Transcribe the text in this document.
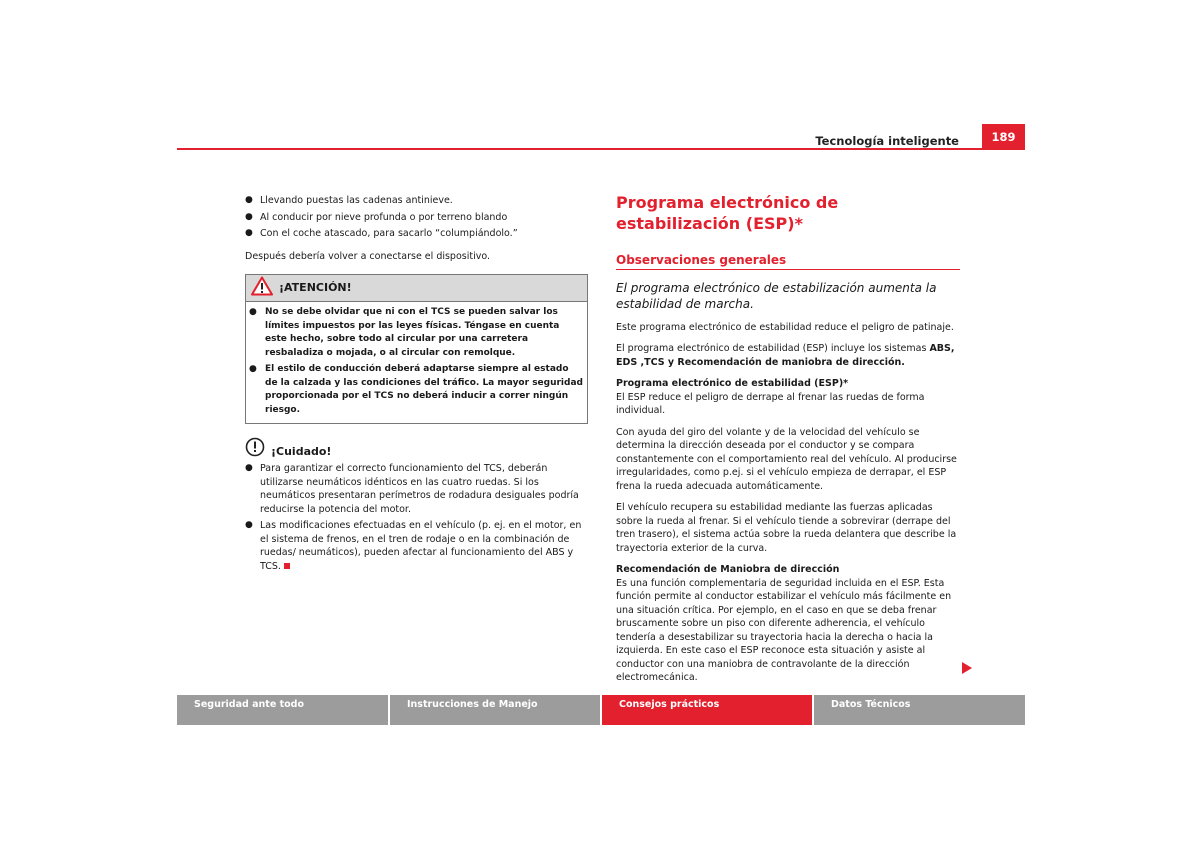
Tecnología inteligente	189
● Llevando puestas las cadenas antinieve.
● Al conducir por nieve profunda o por terreno blando
● Con el coche atascado, para sacarlo “columpiándolo.”

Después debería volver a conectarse el dispositivo.

¡ATENCIÓN!
● No se debe olvidar que ni con el TCS se pueden salvar los límites impuestos por las leyes físicas. Téngase en cuenta este hecho, sobre todo al circular por una carretera resbaladiza o mojada, o al circular con remolque.
● El estilo de conducción deberá adaptarse siempre al estado de la calzada y las condiciones del tráfico. La mayor seguridad proporcionada por el TCS no deberá inducir a correr ningún riesgo.
¡Cuidado!
● Para garantizar el correcto funcionamiento del TCS, deberán utilizarse neumáticos idénticos en las cuatro ruedas. Si los neumáticos presentaran perímetros de rodadura desiguales podría reducirse la potencia del motor.
● Las modificaciones efectuadas en el vehículo (p. ej. en el motor, en el sistema de frenos, en el tren de rodaje o en la combinación de ruedas/ neumáticos), pueden afectar al funcionamiento del ABS y TCS.
Programa electrónico de estabilización (ESP)*
Observaciones generales

El programa electrónico de estabilización aumenta la estabilidad de marcha.

Este programa electrónico de estabilidad reduce el peligro de patinaje.

El programa electrónico de estabilidad (ESP) incluye los sistemas ABS, EDS ,TCS y Recomendación de maniobra de dirección.

Programa electrónico de estabilidad (ESP)*

El ESP reduce el peligro de derrape al frenar las ruedas de forma individual.

Con ayuda del giro del volante y de la velocidad del vehículo se determina la dirección deseada por el conductor y se compara constantemente con el comportamiento real del vehículo. Al producirse irregularidades, como p.ej. si el vehículo empieza de derrapar, el ESP frena la rueda adecuada automáticamente.

El vehículo recupera su estabilidad mediante las fuerzas aplicadas sobre la rueda al frenar. Si el vehículo tiende a sobrevirar (derrape del tren trasero), el sistema actúa sobre la rueda delantera que describe la trayectoria exterior de la curva.

Recomendación de Maniobra de dirección

Es una función complementaria de seguridad incluida en el ESP. Esta función permite al conductor estabilizar el vehículo más fácilmente en una situación crítica. Por ejemplo, en el caso en que se deba frenar bruscamente sobre un piso con diferente adherencia, el vehículo tendería a desestabilizar su trayectoria hacia la derecha o hacia la izquierda. En este caso el ESP reconoce esta situación y asiste al conductor con una maniobra de contravolante de la dirección electromecánica.

Seguridad ante todo	Instrucciones de Manejo	Consejos prácticos	Datos Técnicos
